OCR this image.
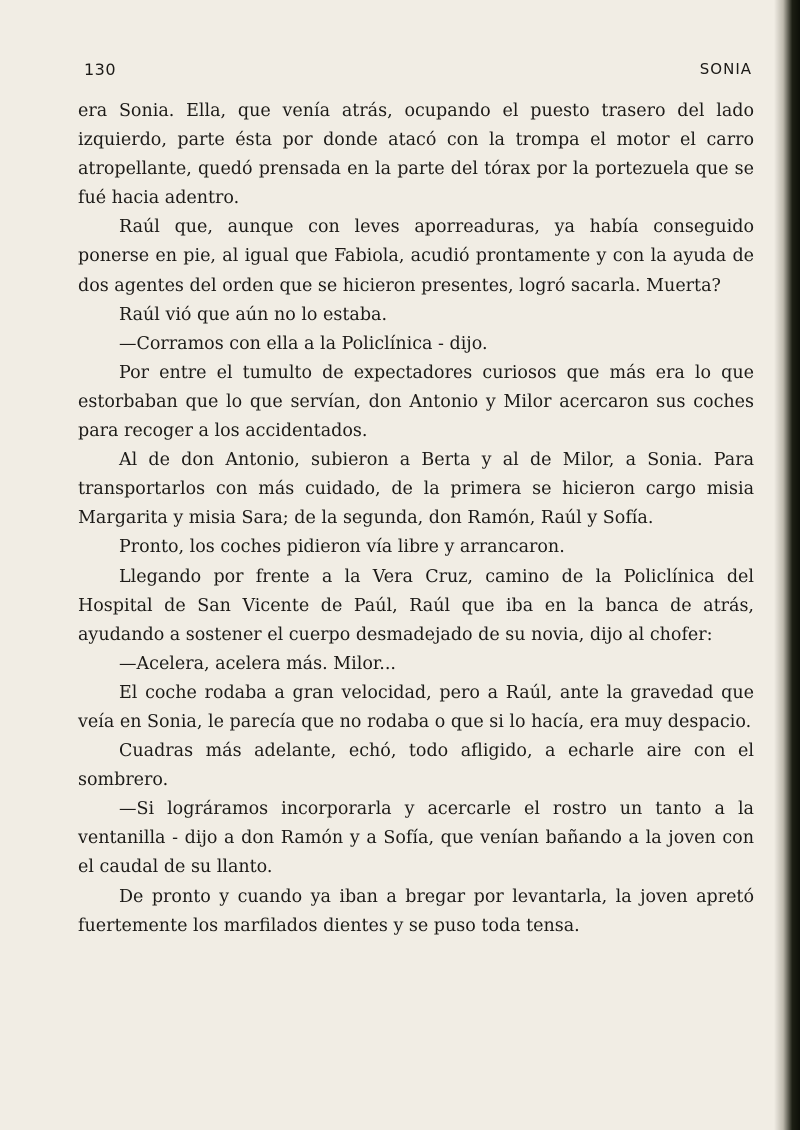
130	SONIA

era Sonia. Ella, que venía atrás, ocupando el puesto trasero del lado izquierdo, parte ésta por donde atacó con la trompa el motor el carro atropellante, quedó prensada en la parte del tórax por la portezuela que se fué hacia adentro.

Raúl que, aunque con leves aporreaduras, ya había conseguido ponerse en pie, al igual que Fabiola, acudió prontamente y con la ayuda de dos agentes del orden que se hicieron presentes, logró sacarla. Muerta?

Raúl vió que aún no lo estaba.

—Corramos con ella a la Policlínica - dijo.

Por entre el tumulto de expectadores curiosos que más era lo que estorbaban que lo que servían, don Antonio y Milor acercaron sus coches para recoger a los accidentados.

Al de don Antonio, subieron a Berta y al de Milor, a Sonia. Para transportarlos con más cuidado, de la primera se hicieron cargo misia Margarita y misia Sara; de la segunda, don Ramón, Raúl y Sofía.

Pronto, los coches pidieron vía libre y arrancaron.

Llegando por frente a la Vera Cruz, camino de la Policlínica del Hospital de San Vicente de Paúl, Raúl que iba en la banca de atrás, ayudando a sostener el cuerpo desmadejado de su novia, dijo al chofer:

—Acelera, acelera más. Milor...

El coche rodaba a gran velocidad, pero a Raúl, ante la gravedad que veía en Sonia, le parecía que no rodaba o que si lo hacía, era muy despacio.

Cuadras más adelante, echó, todo afligido, a echarle aire con el sombrero.

—Si lográramos incorporarla y acercarle el rostro un tanto a la ventanilla - dijo a don Ramón y a Sofía, que venían bañando a la joven con el caudal de su llanto.

De pronto y cuando ya iban a bregar por levantarla, la joven apretó fuertemente los marfilados dientes y se puso toda tensa.
